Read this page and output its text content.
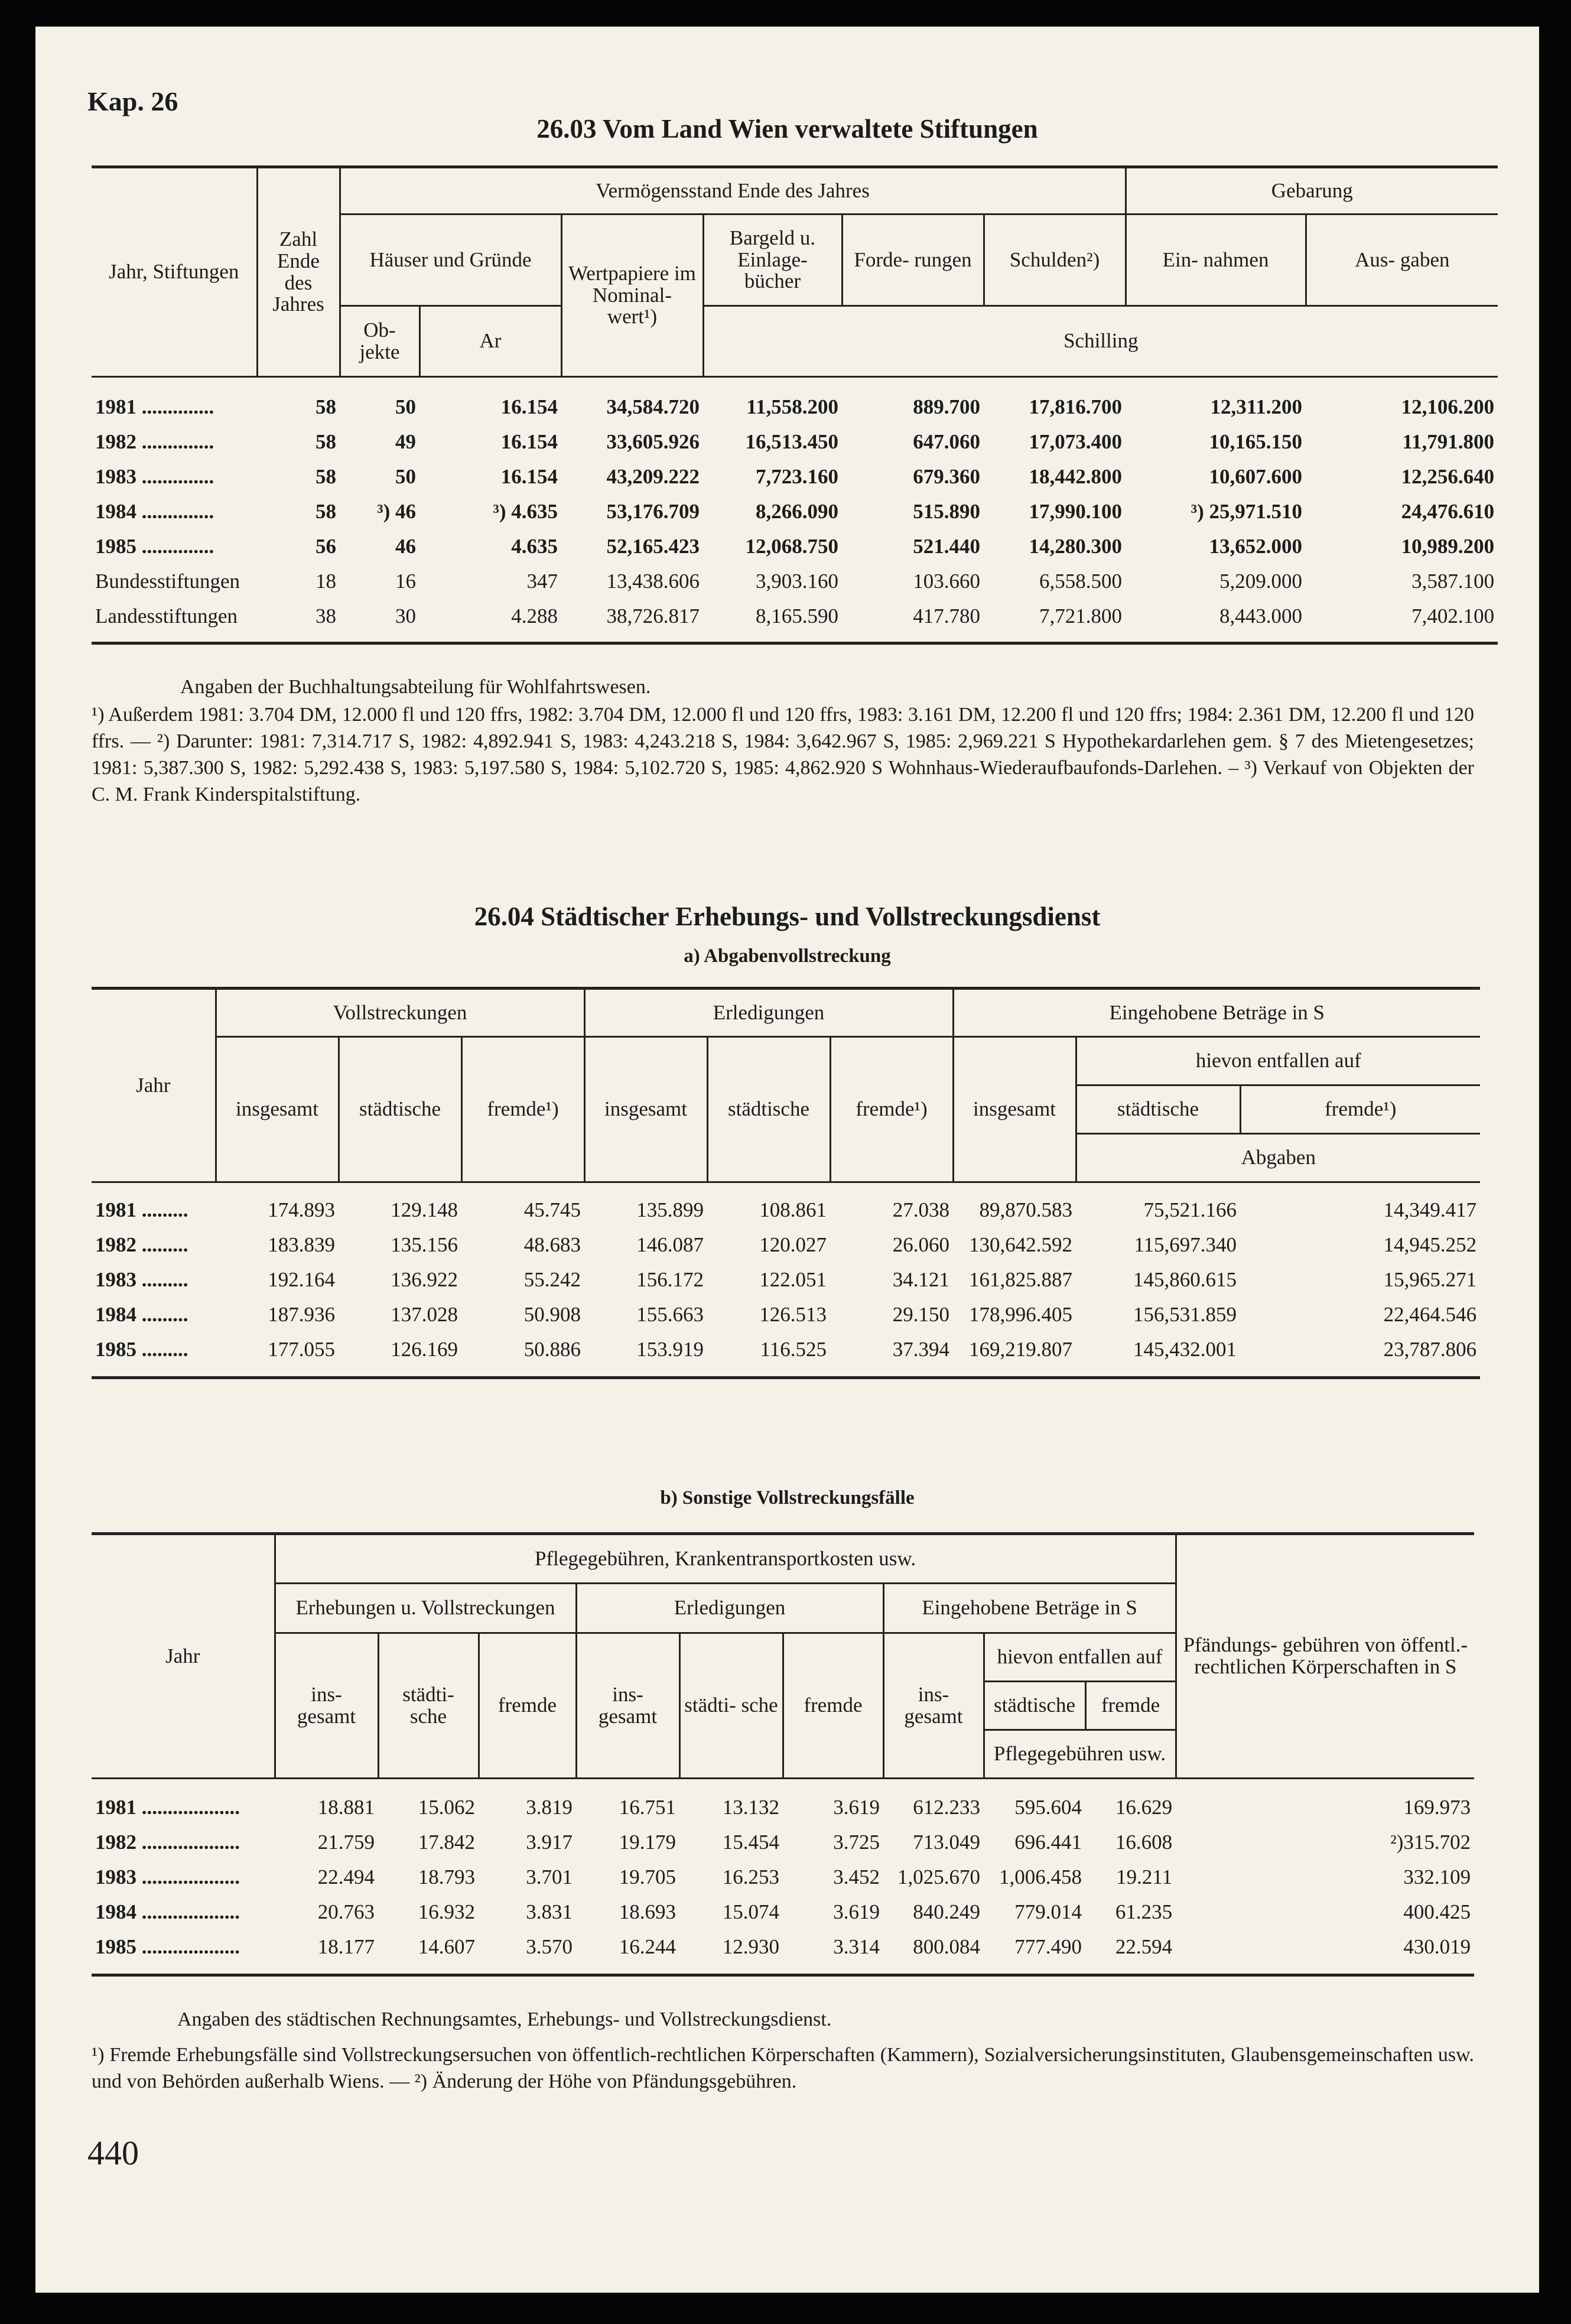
Kap. 26
26.03 Vom Land Wien verwaltete Stiftungen
Jahr, Stiftungen	Zahl Ende des Jahres	Vermögensstand Ende des Jahres						Gebarung	
		Häuser und Gründe		Wertpapiere im Nominal- wert¹)	Bargeld u. Einlage- bücher	Forde- rungen	Schulden²)	Ein- nahmen	Aus- gaben
		Ob- jekte	Ar		Schilling				

1981 ..............	58	50	16.154	34,584.720	11,558.200	889.700	17,816.700	12,311.200	12,106.200
1982 ..............	58	49	16.154	33,605.926	16,513.450	647.060	17,073.400	10,165.150	11,791.800
1983 ..............	58	50	16.154	43,209.222	7,723.160	679.360	18,442.800	10,607.600	12,256.640
1984 ..............	58	³) 46	³) 4.635	53,176.709	8,266.090	515.890	17,990.100	³) 25,971.510	24,476.610
1985 ..............	56	46	4.635	52,165.423	12,068.750	521.440	14,280.300	13,652.000	10,989.200
Bundesstiftungen	18	16	347	13,438.606	3,903.160	103.660	6,558.500	5,209.000	3,587.100
Landesstiftungen	38	30	4.288	38,726.817	8,165.590	417.780	7,721.800	8,443.000	7,402.100

Angaben der Buchhaltungsabteilung für Wohlfahrtswesen.
¹) Außerdem 1981: 3.704 DM, 12.000 fl und 120 ffrs, 1982: 3.704 DM, 12.000 fl und 120 ffrs, 1983: 3.161 DM, 12.200 fl und 120 ffrs; 1984: 2.361 DM, 12.200 fl und 120 ffrs. — ²) Darunter: 1981: 7,314.717 S, 1982: 4,892.941 S, 1983: 4,243.218 S, 1984: 3,642.967 S, 1985: 2,969.221 S Hypothekardarlehen gem. § 7 des Mietengesetzes; 1981: 5,387.300 S, 1982: 5,292.438 S, 1983: 5,197.580 S, 1984: 5,102.720 S, 1985: 4,862.920 S Wohnhaus-Wiederaufbaufonds-Darlehen. – ³) Verkauf von Objekten der C. M. Frank Kinderspitalstiftung.
26.04 Städtischer Erhebungs- und Vollstreckungsdienst
a) Abgabenvollstreckung
Jahr	Vollstreckungen			Erledigungen			Eingehobene Beträge in S		
	insgesamt	städtische	fremde¹)	insgesamt	städtische	fremde¹)	insgesamt	hievon entfallen auf	
								städtische	fremde¹)
								Abgaben	

1981 .........	174.893	129.148	45.745	135.899	108.861	27.038	89,870.583	75,521.166	14,349.417
1982 .........	183.839	135.156	48.683	146.087	120.027	26.060	130,642.592	115,697.340	14,945.252
1983 .........	192.164	136.922	55.242	156.172	122.051	34.121	161,825.887	145,860.615	15,965.271
1984 .........	187.936	137.028	50.908	155.663	126.513	29.150	178,996.405	156,531.859	22,464.546
1985 .........	177.055	126.169	50.886	153.919	116.525	37.394	169,219.807	145,432.001	23,787.806

b) Sonstige Vollstreckungsfälle
Jahr	Pflegegebühren, Krankentransportkosten usw.									Pfändungs- gebühren von öffentl.-rechtlichen Körperschaften in S
	Erhebungen u. Vollstreckungen			Erledigungen			Eingehobene Beträge in S			
	ins- gesamt	städti- sche	fremde	ins- gesamt	städti- sche	fremde	ins- gesamt	hievon entfallen auf		
								städtische	fremde	
								Pflegegebühren usw.		

1981 ...................	18.881	15.062	3.819	16.751	13.132	3.619	612.233	595.604	16.629	169.973
1982 ...................	21.759	17.842	3.917	19.179	15.454	3.725	713.049	696.441	16.608	²)315.702
1983 ...................	22.494	18.793	3.701	19.705	16.253	3.452	1,025.670	1,006.458	19.211	332.109
1984 ...................	20.763	16.932	3.831	18.693	15.074	3.619	840.249	779.014	61.235	400.425
1985 ...................	18.177	14.607	3.570	16.244	12.930	3.314	800.084	777.490	22.594	430.019

Angaben des städtischen Rechnungsamtes, Erhebungs- und Vollstreckungsdienst.
¹) Fremde Erhebungsfälle sind Vollstreckungsersuchen von öffentlich-rechtlichen Körperschaften (Kammern), Sozialversicherungsinstituten, Glaubensgemeinschaften usw. und von Behörden außerhalb Wiens. — ²) Änderung der Höhe von Pfändungsgebühren.
440
